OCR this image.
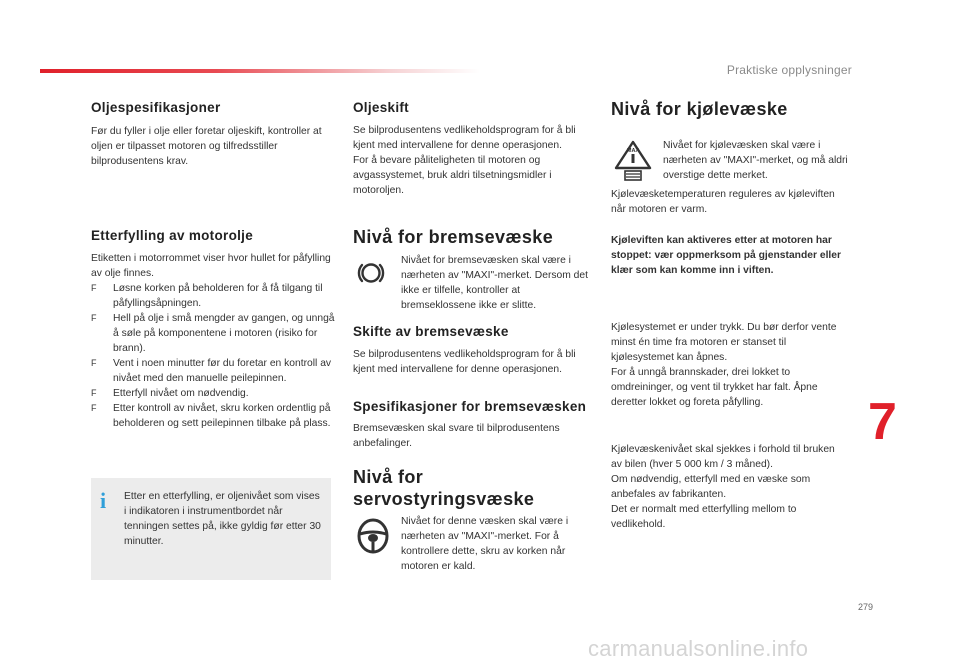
Praktiske opplysninger
Oljespesifikasjoner

Før du fyller i olje eller foretar oljeskift, kontroller at oljen er tilpasset motoren og tilfredsstiller bilprodusentens krav.

Etterfylling av motorolje

Etiketten i motorrommet viser hvor hullet for påfylling av olje finnes.

F Løsne korken på beholderen for å få tilgang til påfyllingsåpningen.
F Hell på olje i små mengder av gangen, og unngå å søle på komponentene i motoren (risiko for brann).
F Vent i noen minutter før du foretar en kontroll av nivået med den manuelle peilepinnen.
F Etterfyll nivået om nødvendig.
F Etter kontroll av nivået, skru korken ordentlig på beholderen og sett peilepinnen tilbake på plass.
i	Etter en etterfylling, er oljenivået som vises i indikatoren i instrumentbordet når tenningen settes på, ikke gyldig før etter 30 minutter.

Oljeskift

Se bilprodusentens vedlikeholdsprogram for å bli kjent med intervallene for denne operasjonen.

For å bevare påliteligheten til motoren og avgassystemet, bruk aldri tilsetningsmidler i motoroljen.

Nivå for bremsevæske

Nivået for bremsevæsken skal være i nærheten av "MAXI"-merket. Dersom det ikke er tilfelle, kontroller at bremseklossene ikke er slitte.

Skifte av bremsevæske

Se bilprodusentens vedlikeholdsprogram for å bli kjent med intervallene for denne operasjonen.

Spesifikasjoner for bremsevæsken

Bremsevæsken skal svare til bilprodusentens anbefalinger.

Nivå for
servostyringsvæske

Nivået for denne væsken skal være i nærheten av "MAXI"-merket. For å kontrollere dette, skru av korken når motoren er kald.

Nivå for kjølevæske
MAX Nivået for kjølevæsken skal være i nærheten av "MAXI"-merket, og må aldri overstige dette merket.

Kjølevæsketemperaturen reguleres av kjøleviften når motoren er varm.

Kjøleviften kan aktiveres etter at motoren har stoppet: vær oppmerksom på gjenstander eller klær som kan komme inn i viften.

Kjølesystemet er under trykk. Du bør derfor vente minst én time fra motoren er stanset til kjølesystemet kan åpnes.

For å unngå brannskader, drei lokket to omdreininger, og vent til trykket har falt. Åpne deretter lokket og foreta påfylling.

Kjølevæskenivået skal sjekkes i forhold til bruken av bilen (hver 5 000 km / 3 måned).

Om nødvendig, etterfyll med en væske som anbefales av fabrikanten.

Det er normalt med etterfylling mellom to vedlikehold.

7
279
carmanualsonline.info
